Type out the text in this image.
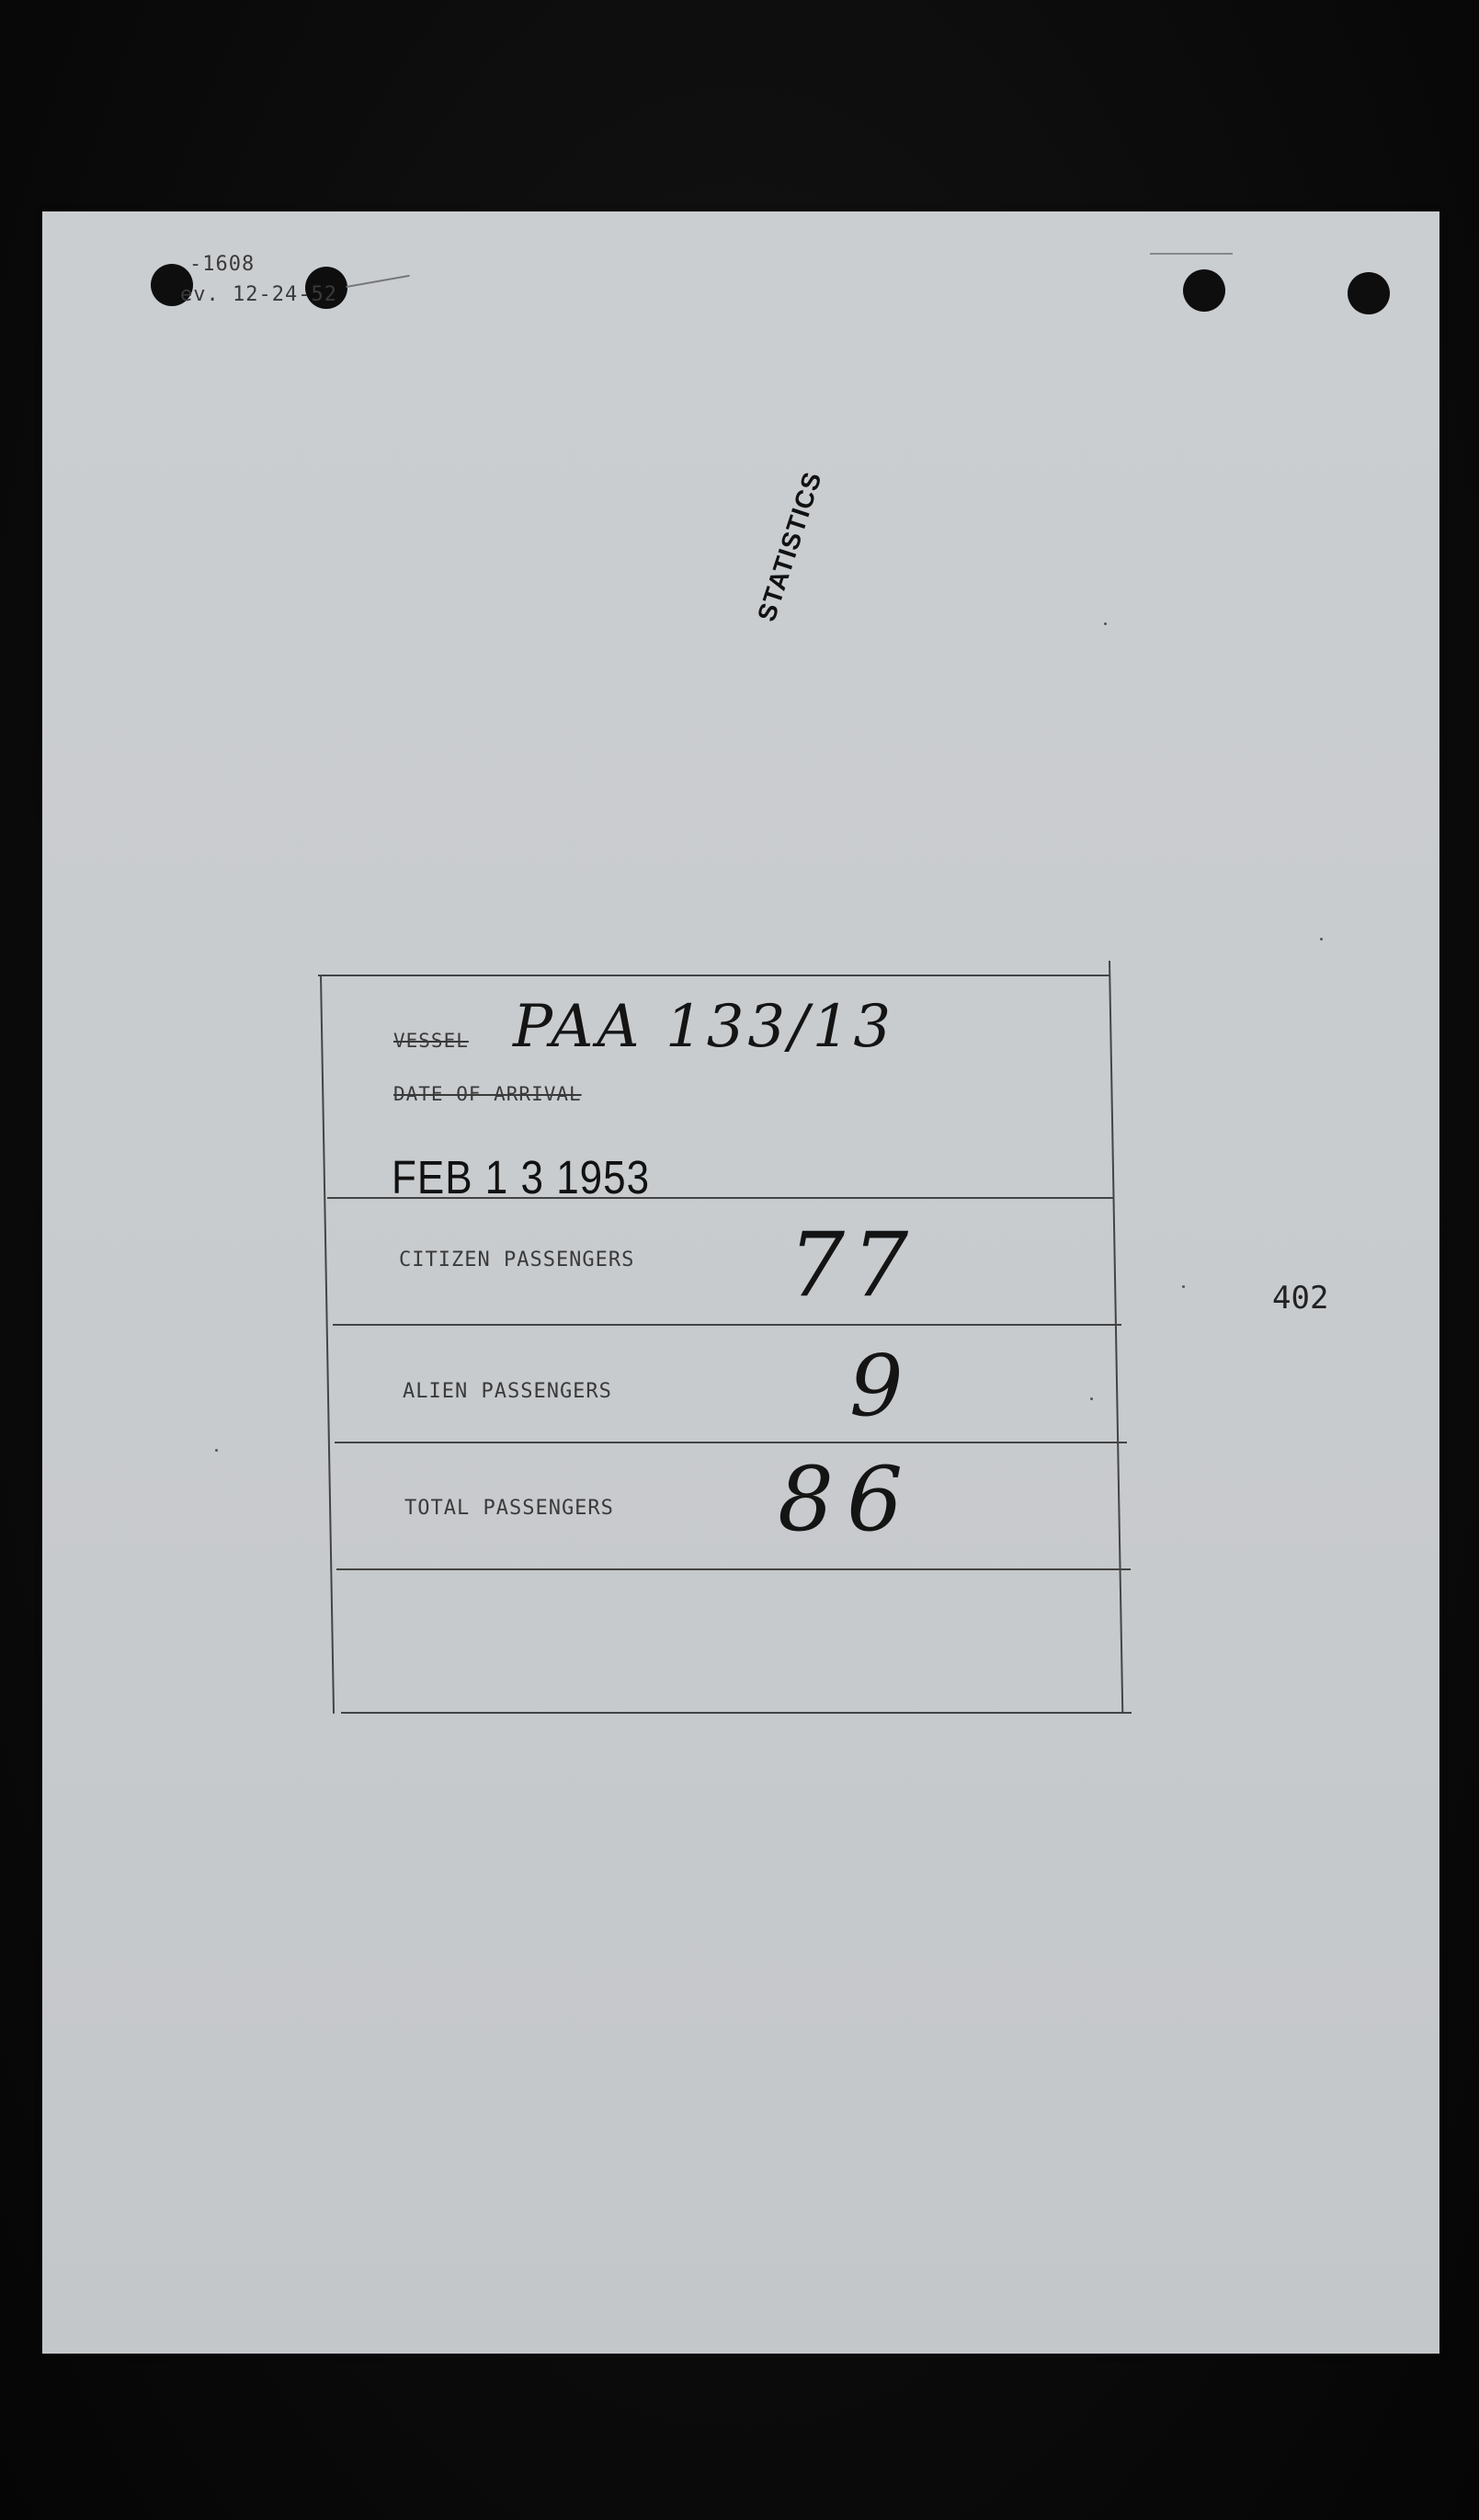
-1608
ev. 12-24-52
STATISTICS
VESSEL PAA 133/13
DATE OF ARRIVAL
FEB 1 3 1953
CITIZEN PASSENGERS 77
ALIEN PASSENGERS	9
TOTAL PASSENGERS 86
402
